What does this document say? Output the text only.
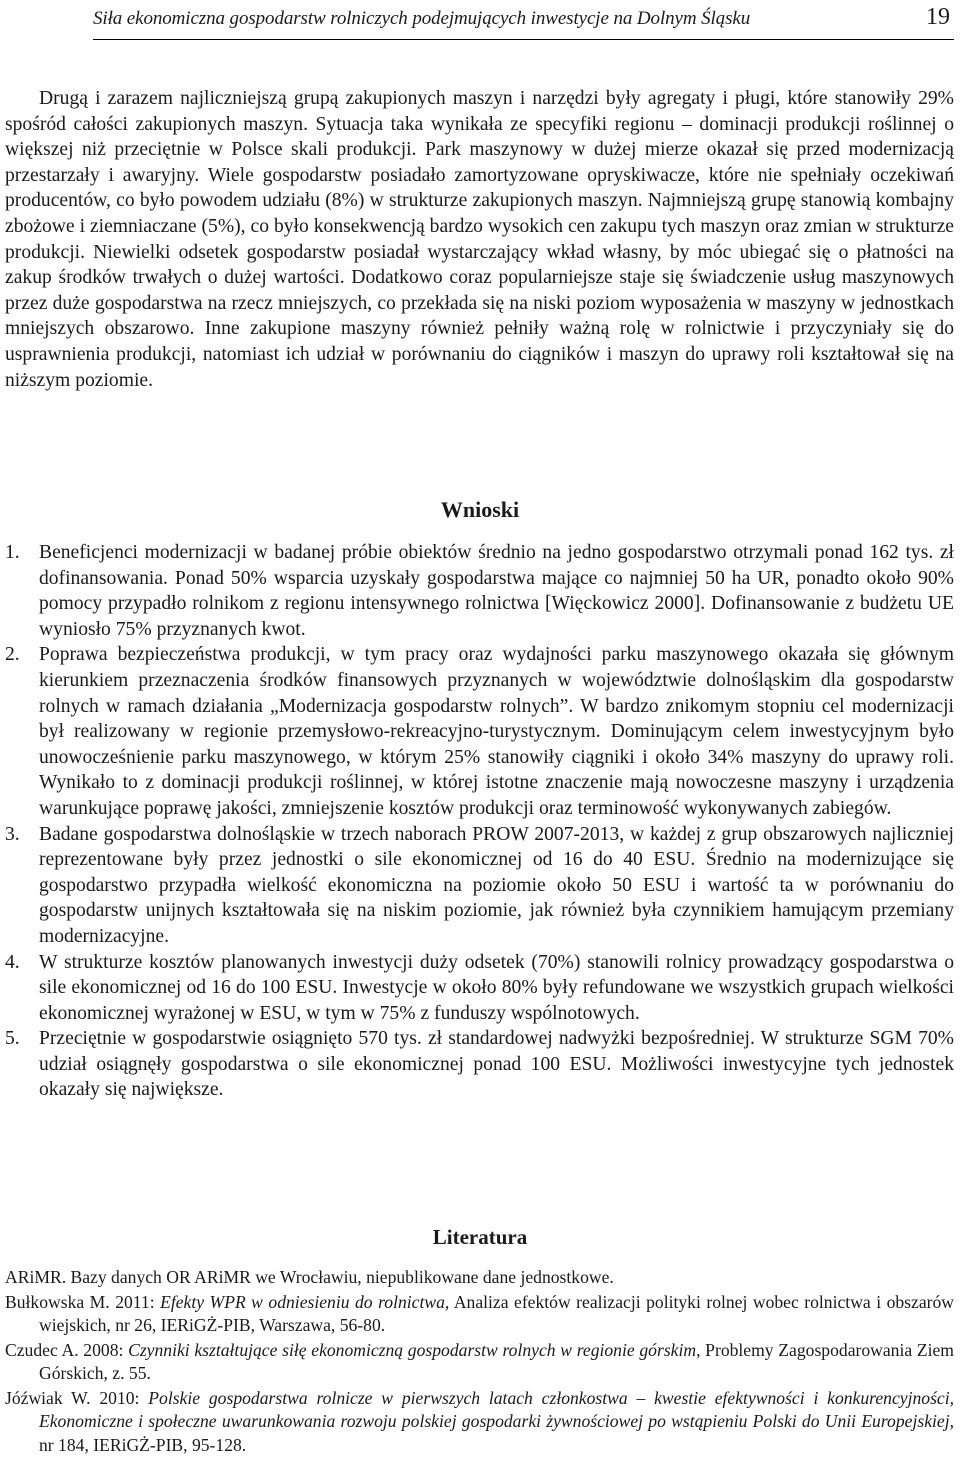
Siła ekonomiczna gospodarstw rolniczych podejmujących inwestycje na Dolnym Śląsku	19

Drugą i zarazem najliczniejszą grupą zakupionych maszyn i narzędzi były agregaty i pługi, które stanowiły 29% spośród całości zakupionych maszyn. Sytuacja taka wynikała ze specyfiki regionu – dominacji produkcji roślinnej o większej niż przeciętnie w Polsce skali produkcji. Park maszynowy w dużej mierze okazał się przed modernizacją przestarzały i awaryjny. Wiele gospodarstw posiadało zamortyzowane opryskiwacze, które nie spełniały oczekiwań producentów, co było powodem udziału (8%) w strukturze zakupionych maszyn. Najmniejszą grupę stanowią kombajny zbożowe i ziemniaczane (5%), co było konsekwencją bardzo wysokich cen zakupu tych maszyn oraz zmian w strukturze produkcji. Niewielki odsetek gospodarstw posiadał wystarczający wkład własny, by móc ubiegać się o płatności na zakup środków trwałych o dużej wartości. Dodatkowo coraz popularniejsze staje się świadczenie usług maszynowych przez duże gospodarstwa na rzecz mniejszych, co przekłada się na niski poziom wyposażenia w maszyny w jednostkach mniejszych obszarowo. Inne zakupione maszyny również pełniły ważną rolę w rolnictwie i przyczyniały się do usprawnienia produkcji, natomiast ich udział w porównaniu do ciągników i maszyn do uprawy roli kształtował się na niższym poziomie.

Wnioski
1. Beneficjenci modernizacji w badanej próbie obiektów średnio na jedno gospodarstwo otrzymali ponad 162 tys. zł dofinansowania. Ponad 50% wsparcia uzyskały gospodarstwa mające co najmniej 50 ha UR, ponadto około 90% pomocy przypadło rolnikom z regionu intensywnego rolnictwa [Więckowicz 2000]. Dofinansowanie z budżetu UE wyniosło 75% przyznanych kwot.
2. Poprawa bezpieczeństwa produkcji, w tym pracy oraz wydajności parku maszynowego okazała się głównym kierunkiem przeznaczenia środków finansowych przyznanych w województwie dolnośląskim dla gospodarstw rolnych w ramach działania „Modernizacja gospodarstw rolnych”. W bardzo znikomym stopniu cel modernizacji był realizowany w regionie przemysłowo-rekreacyjno-turystycznym. Dominującym celem inwestycyjnym było unowocześnienie parku maszynowego, w którym 25% stanowiły ciągniki i około 34% maszyny do uprawy roli. Wynikało to z dominacji produkcji roślinnej, w której istotne znaczenie mają nowoczesne maszyny i urządzenia warunkujące poprawę jakości, zmniejszenie kosztów produkcji oraz terminowość wykonywanych zabiegów.
3. Badane gospodarstwa dolnośląskie w trzech naborach PROW 2007-2013, w każdej z grup obszarowych najliczniej reprezentowane były przez jednostki o sile ekonomicznej od 16 do 40 ESU. Średnio na modernizujące się gospodarstwo przypadła wielkość ekonomiczna na poziomie około 50 ESU i wartość ta w porównaniu do gospodarstw unijnych kształtowała się na niskim poziomie, jak również była czynnikiem hamującym przemiany modernizacyjne.
4. W strukturze kosztów planowanych inwestycji duży odsetek (70%) stanowili rolnicy prowadzący gospodarstwa o sile ekonomicznej od 16 do 100 ESU. Inwestycje w około 80% były refundowane we wszystkich grupach wielkości ekonomicznej wyrażonej w ESU, w tym w 75% z funduszy wspólnotowych.
5. Przeciętnie w gospodarstwie osiągnięto 570 tys. zł standardowej nadwyżki bezpośredniej. W strukturze SGM 70% udział osiągnęły gospodarstwa o sile ekonomicznej ponad 100 ESU. Możliwości inwestycyjne tych jednostek okazały się największe.
Literatura
ARiMR. Bazy danych OR ARiMR we Wrocławiu, niepublikowane dane jednostkowe.
Bułkowska M. 2011: Efekty WPR w odniesieniu do rolnictwa, Analiza efektów realizacji polityki rolnej wobec rolnictwa i obszarów wiejskich, nr 26, IERiGŻ-PIB, Warszawa, 56-80.
Czudec A. 2008: Czynniki kształtujące siłę ekonomiczną gospodarstw rolnych w regionie górskim, Problemy Zagospodarowania Ziem Górskich, z. 55.
Jóźwiak W. 2010: Polskie gospodarstwa rolnicze w pierwszych latach członkostwa – kwestie efektywności i konkurencyjności, Ekonomiczne i społeczne uwarunkowania rozwoju polskiej gospodarki żywnościowej po wstąpieniu Polski do Unii Europejskiej, nr 184, IERiGŻ-PIB, 95-128.
